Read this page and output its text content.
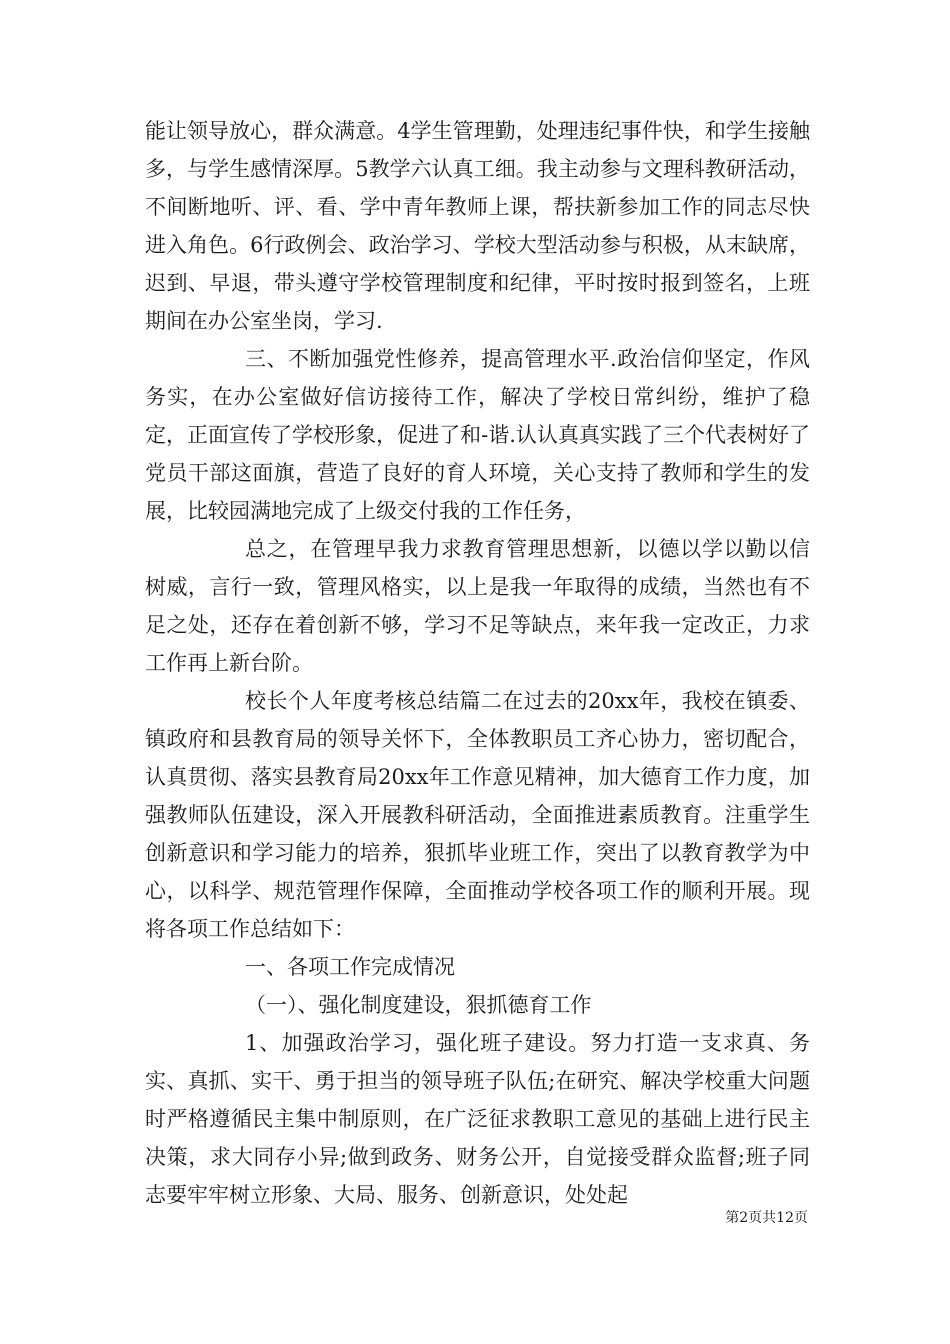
能让领导放心，群众满意。4学生管理勤，处理违纪事件快，和学生接触多，与学生感情深厚。5教学六认真工细。我主动参与文理科教研活动，不间断地听、评、看、学中青年教师上课，帮扶新参加工作的同志尽快进入角色。6行政例会、政治学习、学校大型活动参与积极，从末缺席，迟到、早退，带头遵守学校管理制度和纪律，平时按时报到签名，上班期间在办公室坐岗，学习.

三、不断加强党性修养，提高管理水平.政治信仰坚定，作风务实，在办公室做好信访接待工作，解决了学校日常纠纷，维护了稳定，正面宣传了学校形象，促进了和-谐.认认真真实践了三个代表树好了党员干部这面旗，营造了良好的育人环境，关心支持了教师和学生的发展，比较园满地完成了上级交付我的工作任务，

总之，在管理早我力求教育管理思想新，以德以学以勤以信树威，言行一致，管理风格实，以上是我一年取得的成绩，当然也有不足之处，还存在着创新不够，学习不足等缺点，来年我一定改正，力求工作再上新台阶。

校长个人年度考核总结篇二在过去的20xx年，我校在镇委、镇政府和县教育局的领导关怀下，全体教职员工齐心协力，密切配合，认真贯彻、落实县教育局20xx年工作意见精神，加大德育工作力度，加强教师队伍建设，深入开展教科研活动，全面推进素质教育。注重学生创新意识和学习能力的培养，狠抓毕业班工作，突出了以教育教学为中心，以科学、规范管理作保障，全面推动学校各项工作的顺利开展。现将各项工作总结如下：

一、各项工作完成情况

（一）、强化制度建设，狠抓德育工作

1、加强政治学习，强化班子建设。努力打造一支求真、务实、真抓、实干、勇于担当的领导班子队伍;在研究、解决学校重大问题时严格遵循民主集中制原则，在广泛征求教职工意见的基础上进行民主决策，求大同存小异;做到政务、财务公开，自觉接受群众监督;班子同志要牢牢树立形象、大局、服务、创新意识，处处起

第2页共12页
